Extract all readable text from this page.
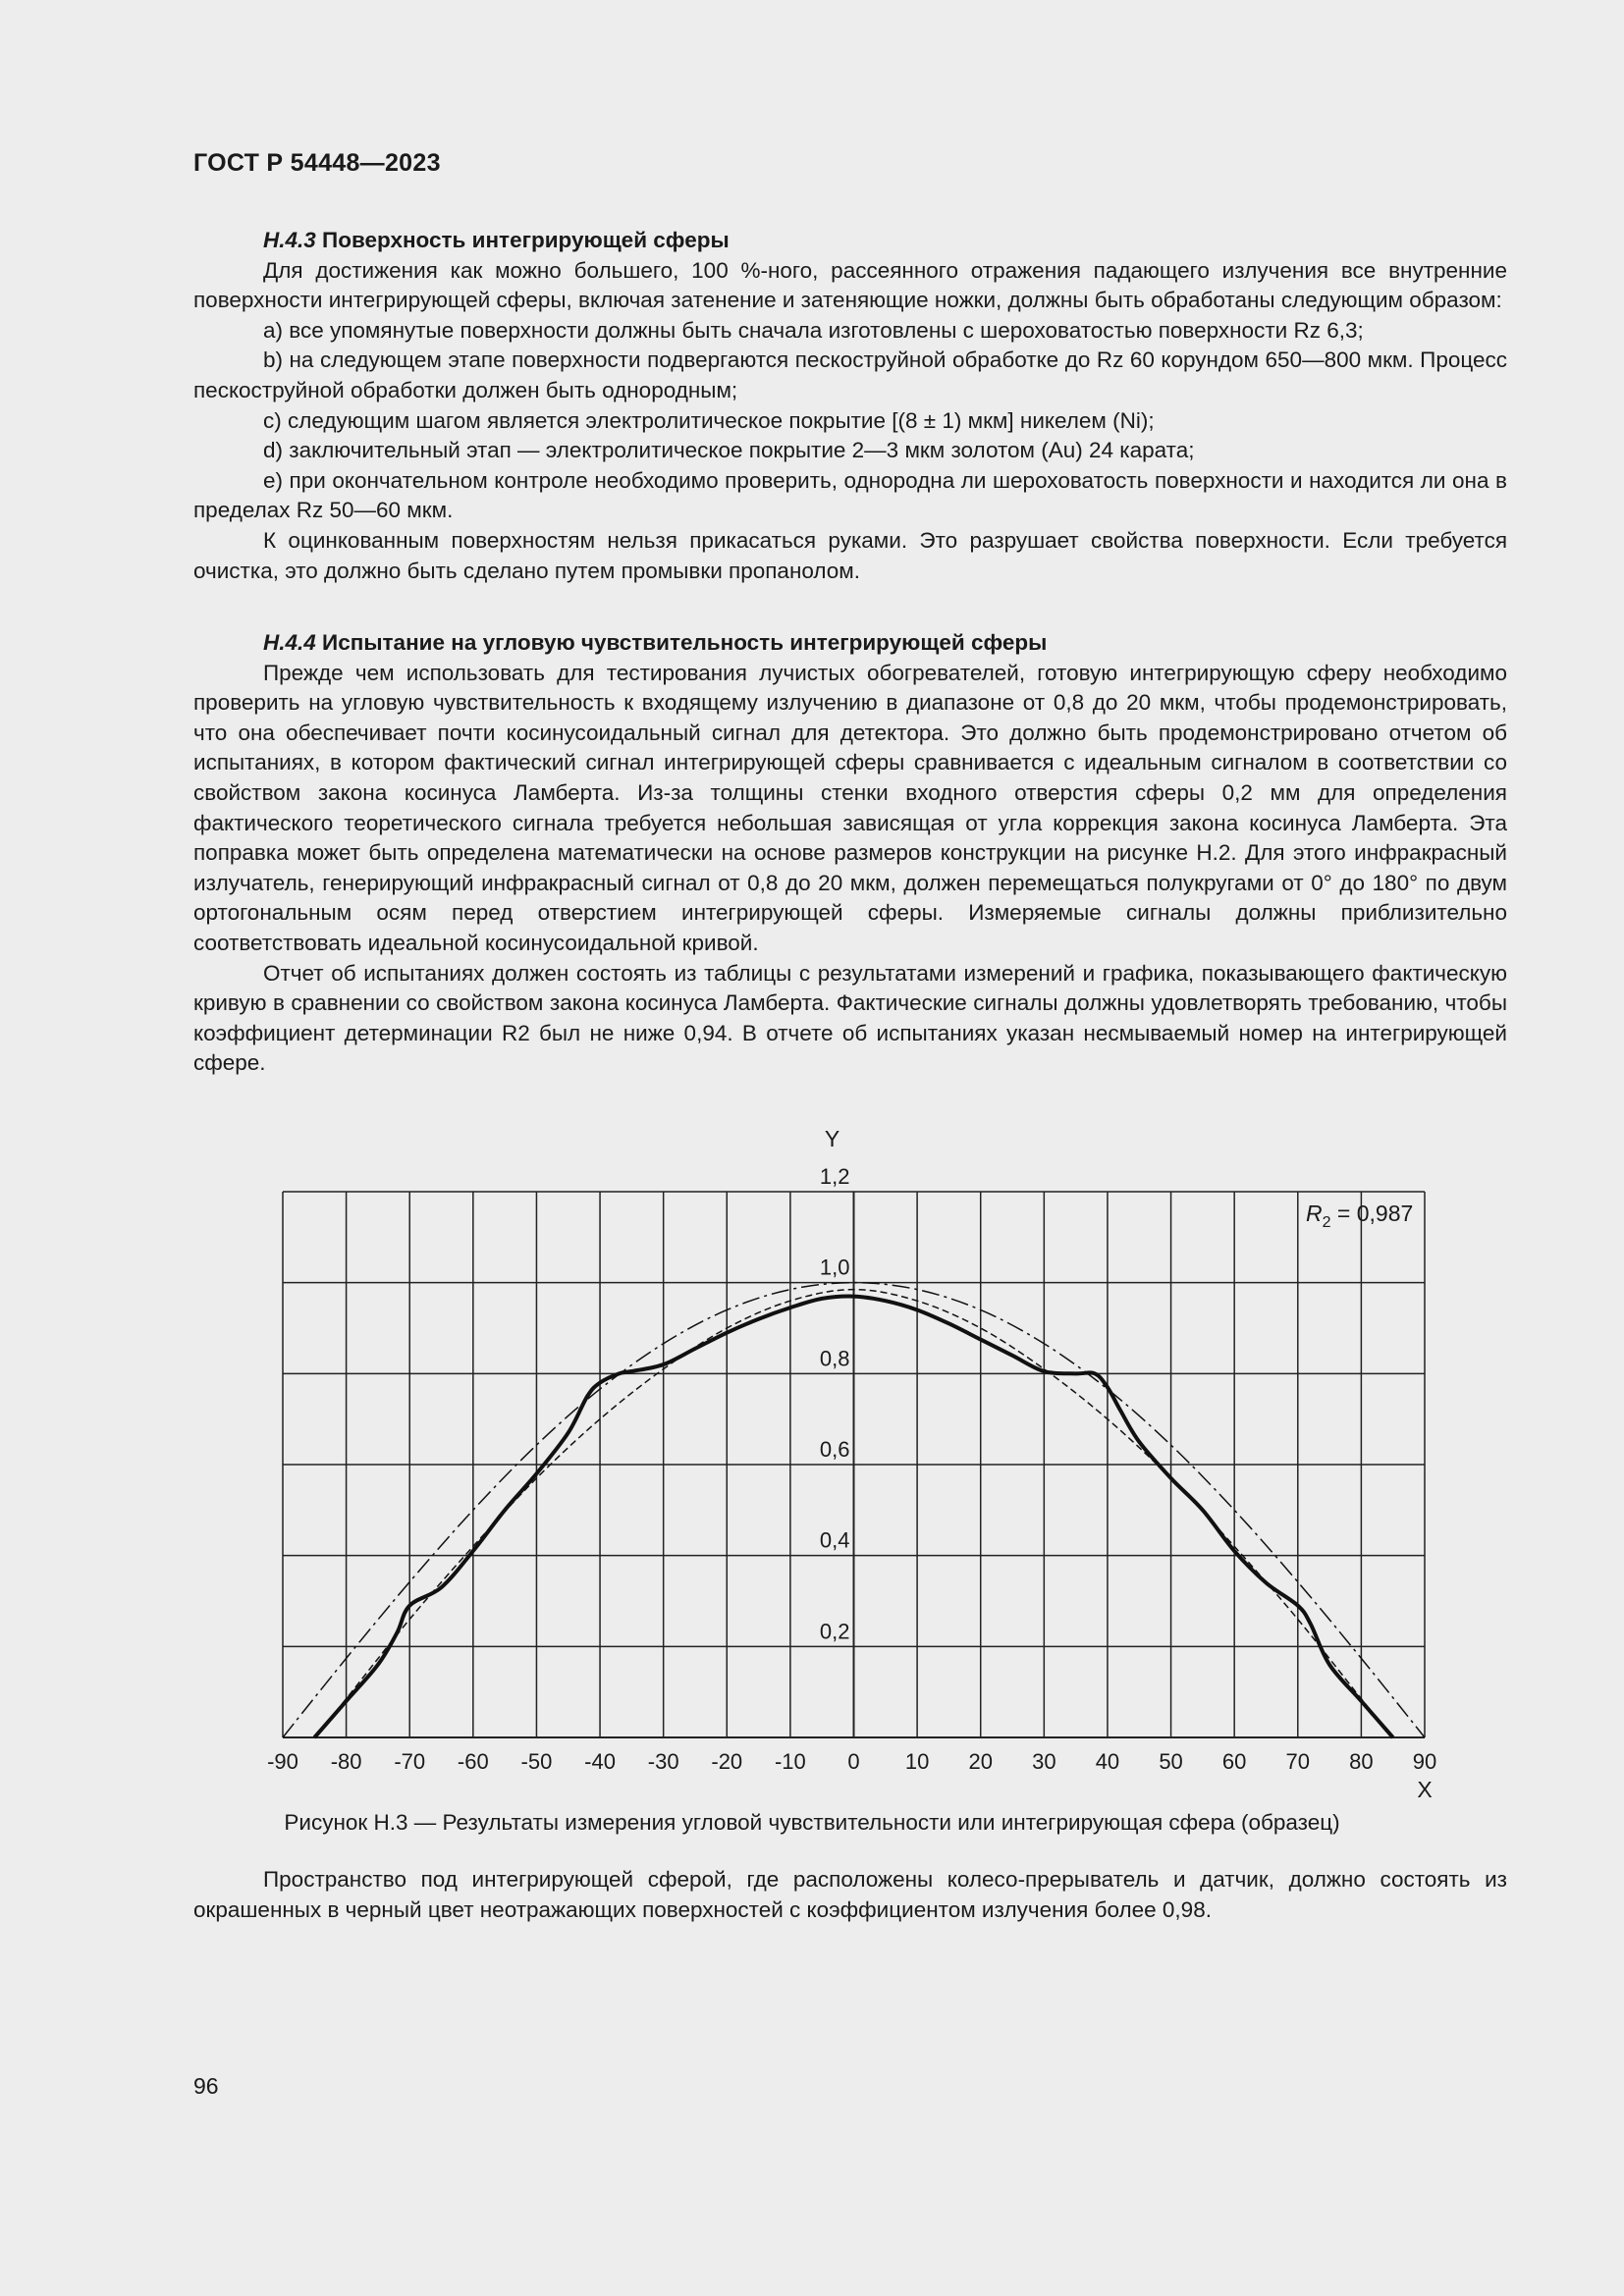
ГОСТ Р 54448—2023

Н.4.3 Поверхность интегрирующей сферы

Для достижения как можно большего, 100 %-ного, рассеянного отражения падающего излучения все внутренние поверхности интегрирующей сферы, включая затенение и затеняющие ножки, должны быть обработаны следующим образом:

a) все упомянутые поверхности должны быть сначала изготовлены с шероховатостью поверхности Rz 6,3;

b) на следующем этапе поверхности подвергаются пескоструйной обработке до Rz 60 корундом 650—800 мкм. Процесс пескоструйной обработки должен быть однородным;

c) следующим шагом является электролитическое покрытие [(8 ± 1) мкм] никелем (Ni);

d) заключительный этап — электролитическое покрытие 2—3 мкм золотом (Au) 24 карата;

e) при окончательном контроле необходимо проверить, однородна ли шероховатость поверхности и находится ли она в пределах Rz 50—60 мкм.

К оцинкованным поверхностям нельзя прикасаться руками. Это разрушает свойства поверхности. Если требуется очистка, это должно быть сделано путем промывки пропанолом.

Н.4.4 Испытание на угловую чувствительность интегрирующей сферы

Прежде чем использовать для тестирования лучистых обогревателей, готовую интегрирующую сферу необходимо проверить на угловую чувствительность к входящему излучению в диапазоне от 0,8 до 20 мкм, чтобы продемонстрировать, что она обеспечивает почти косинусоидальный сигнал для детектора. Это должно быть продемонстрировано отчетом об испытаниях, в котором фактический сигнал интегрирующей сферы сравнивается с идеальным сигналом в соответствии со свойством закона косинуса Ламберта. Из-за толщины стенки входного отверстия сферы 0,2 мм для определения фактического теоретического сигнала требуется небольшая зависящая от угла коррекция закона косинуса Ламберта. Эта поправка может быть определена математически на основе размеров конструкции на рисунке Н.2. Для этого инфракрасный излучатель, генерирующий инфракрасный сигнал от 0,8 до 20 мкм, должен перемещаться полукругами от 0° до 180° по двум ортогональным осям перед отверстием интегрирующей сферы. Измеряемые сигналы должны приблизительно соответствовать идеальной косинусоидальной кривой.

Отчет об испытаниях должен состоять из таблицы с результатами измерений и графика, показывающего фактическую кривую в сравнении со свойством закона косинуса Ламберта. Фактические сигналы должны удовлетворять требованию, чтобы коэффициент детерминации R2 был не ниже 0,94. В отчете об испытаниях указан несмываемый номер на интегрирующей сфере.

-90 -80 -70 -60 -50 -40 -30 -20 -10 0 10 20 30 40 50 60 70 80 90
0,2
0,4
0,6
0,8
1,0
1,2
Y
X
$R_2 = 0,987$
Рисунок Н.3 — Результаты измерения угловой чувствительности или интегрирующая сфера (образец)

Пространство под интегрирующей сферой, где расположены колесо-прерыватель и датчик, должно состоять из окрашенных в черный цвет неотражающих поверхностей с коэффициентом излучения более 0,98.

96
